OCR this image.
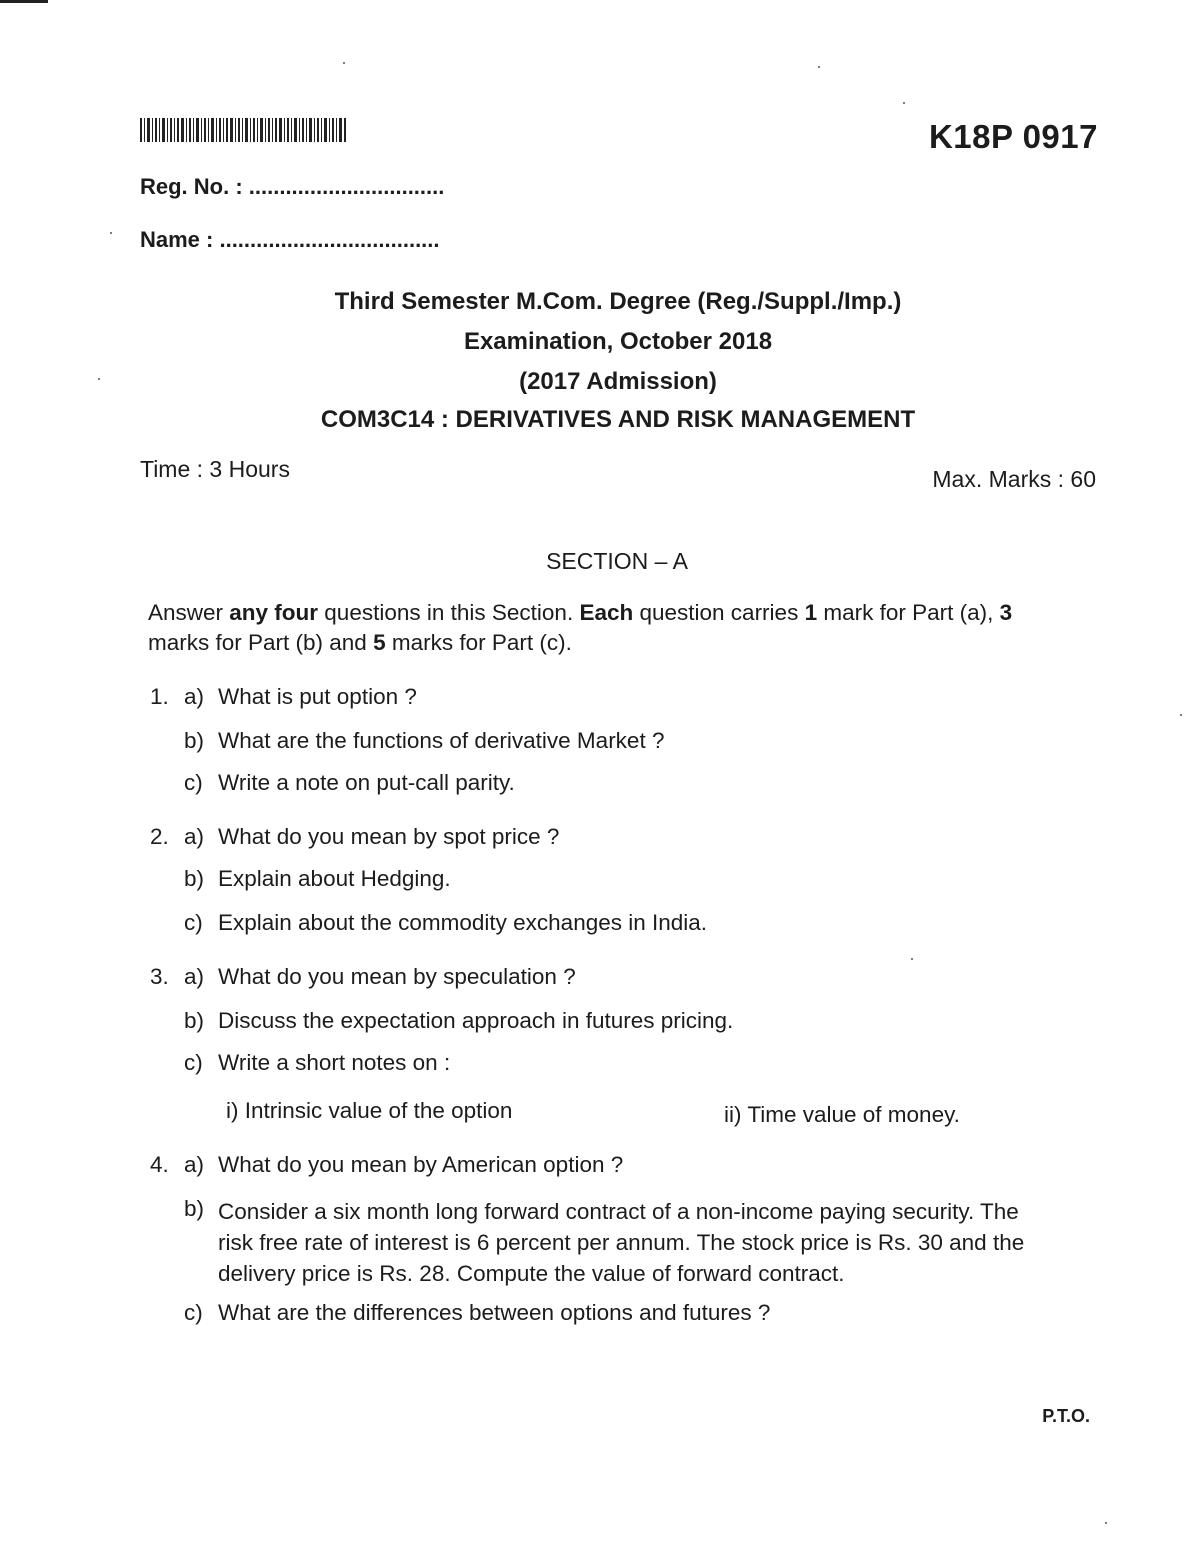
K18P 0917
Reg. No. : ................................
Name : ....................................
Third Semester M.Com. Degree (Reg./Suppl./Imp.)
Examination, October 2018
(2017 Admission)
COM3C14 : DERIVATIVES AND RISK MANAGEMENT
Time : 3 Hours	Max. Marks : 60
SECTION – A
Answer any four questions in this Section. Each question carries 1 mark for Part (a), 3 marks for Part (b) and 5 marks for Part (c).
1. a) What is put option ?
b) What are the functions of derivative Market ?
c) Write a note on put-call parity.
2. a) What do you mean by spot price ?
b) Explain about Hedging.
c) Explain about the commodity exchanges in India.
3. a) What do you mean by speculation ?
b) Discuss the expectation approach in futures pricing.
c) Write a short notes on :
i) Intrinsic value of the option	ii) Time value of money.
4. a) What do you mean by American option ?
b) Consider a six month long forward contract of a non-income paying security. The risk free rate of interest is 6 percent per annum. The stock price is Rs. 30 and the delivery price is Rs. 28. Compute the value of forward contract.
c) What are the differences between options and futures ?
P.T.O.
